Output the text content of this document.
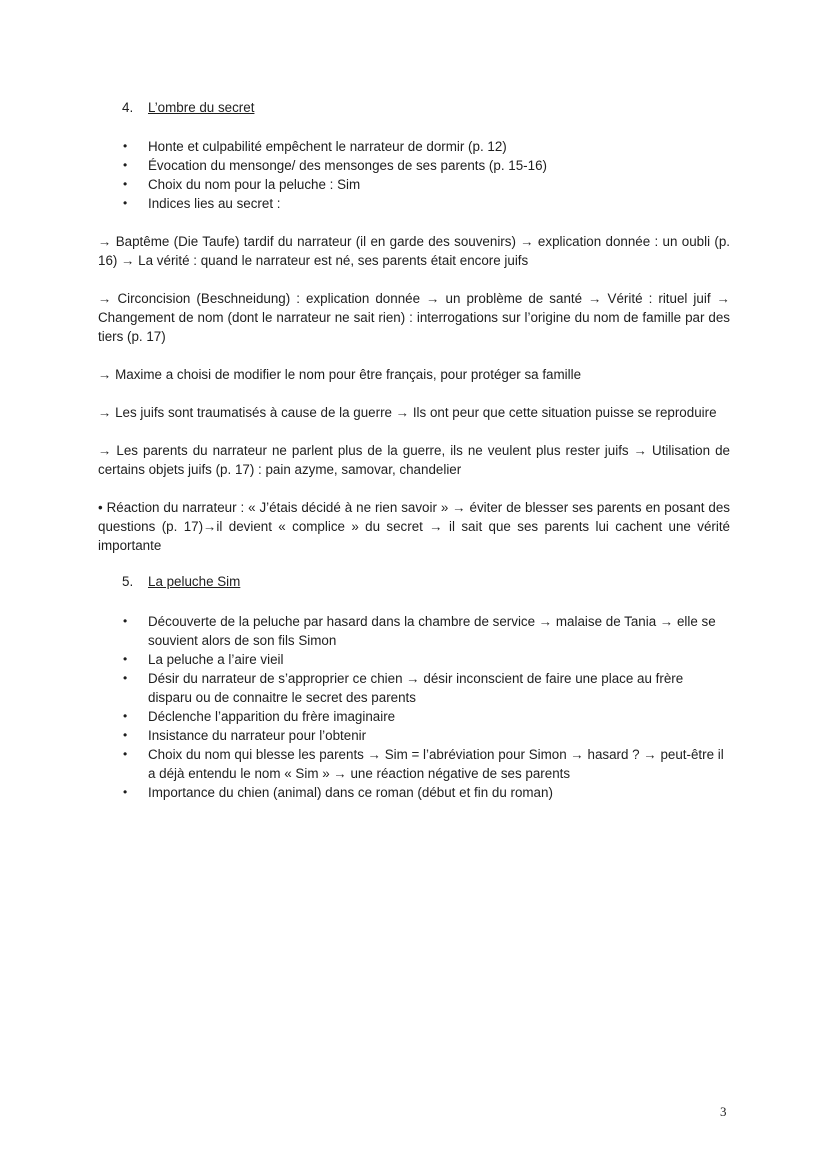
4. L’ombre du secret
• Honte et culpabilité empêchent le narrateur de dormir (p. 12)
• Évocation du mensonge/ des mensonges de ses parents (p. 15-16)
• Choix du nom pour la peluche : Sim
• Indices lies au secret :

→ Baptême (Die Taufe) tardif du narrateur (il en garde des souvenirs) → explication donnée : un oubli (p. 16) → La vérité : quand le narrateur est né, ses parents était encore juifs

→ Circoncision (Beschneidung) : explication donnée → un problème de santé → Vérité : rituel juif → Changement de nom (dont le narrateur ne sait rien) : interrogations sur l’origine du nom de famille par des tiers (p. 17)

→ Maxime a choisi de modifier le nom pour être français, pour protéger sa famille

→ Les juifs sont traumatisés à cause de la guerre → Ils ont peur que cette situation puisse se reproduire

→ Les parents du narrateur ne parlent plus de la guerre, ils ne veulent plus rester juifs → Utilisation de certains objets juifs (p. 17) : pain azyme, samovar, chandelier

• Réaction du narrateur : « J’étais décidé à ne rien savoir » → éviter de blesser ses parents en posant des questions (p. 17)→il devient « complice » du secret → il sait que ses parents lui cachent une vérité importante

5. La peluche Sim
• Découverte de la peluche par hasard dans la chambre de service → malaise de Tania → elle se souvient alors de son fils Simon
• La peluche a l’aire vieil
• Désir du narrateur de s’approprier ce chien → désir inconscient de faire une place au frère disparu ou de connaitre le secret des parents
• Déclenche l’apparition du frère imaginaire
• Insistance du narrateur pour l’obtenir
• Choix du nom qui blesse les parents → Sim = l’abréviation pour Simon → hasard ? → peut-être il a déjà entendu le nom « Sim » → une réaction négative de ses parents
• Importance du chien (animal) dans ce roman (début et fin du roman)
3
